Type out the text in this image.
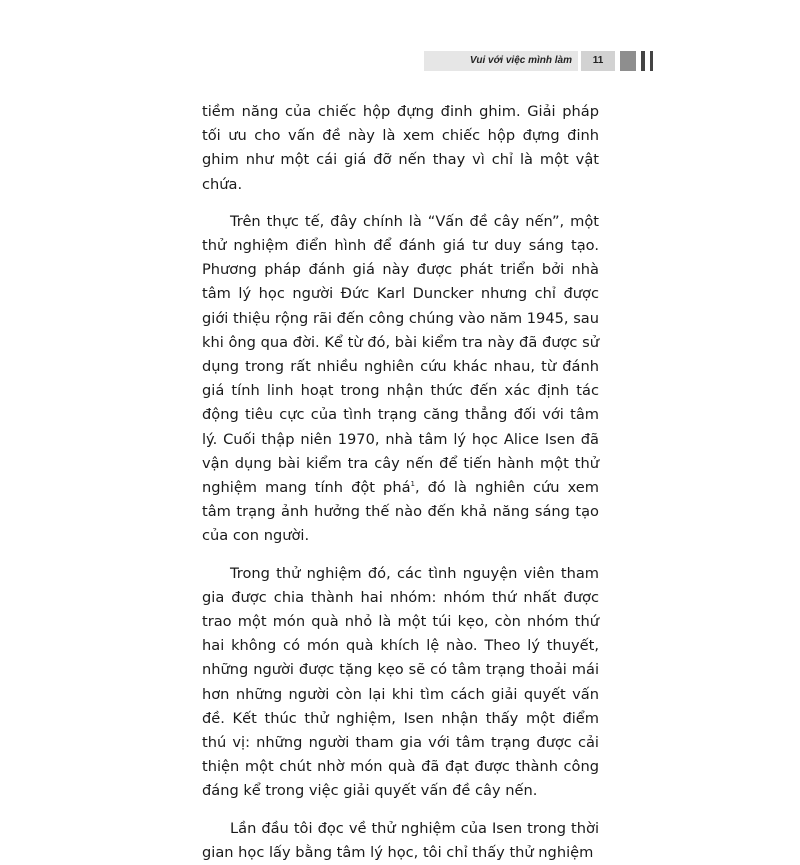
Vui với việc mình làm	11

tiềm năng của chiếc hộp đựng đinh ghim. Giải pháp tối ưu cho vấn đề này là xem chiếc hộp đựng đinh ghim như một cái giá đỡ nến thay vì chỉ là một vật chứa.

Trên thực tế, đây chính là “Vấn đề cây nến”, một thử nghiệm điển hình để đánh giá tư duy sáng tạo. Phương pháp đánh giá này được phát triển bởi nhà tâm lý học người Đức Karl Duncker nhưng chỉ được giới thiệu rộng rãi đến công chúng vào năm 1945, sau khi ông qua đời. Kể từ đó, bài kiểm tra này đã được sử dụng trong rất nhiều nghiên cứu khác nhau, từ đánh giá tính linh hoạt trong nhận thức đến xác định tác động tiêu cực của tình trạng căng thẳng đối với tâm lý. Cuối thập niên 1970, nhà tâm lý học Alice Isen đã vận dụng bài kiểm tra cây nến để tiến hành một thử nghiệm mang tính đột phá$^1$, đó là nghiên cứu xem tâm trạng ảnh hưởng thế nào đến khả năng sáng tạo của con người.

Trong thử nghiệm đó, các tình nguyện viên tham gia được chia thành hai nhóm: nhóm thứ nhất được trao một món quà nhỏ là một túi kẹo, còn nhóm thứ hai không có món quà khích lệ nào. Theo lý thuyết, những người được tặng kẹo sẽ có tâm trạng thoải mái hơn những người còn lại khi tìm cách giải quyết vấn đề. Kết thúc thử nghiệm, Isen nhận thấy một điểm thú vị: những người tham gia với tâm trạng được cải thiện một chút nhờ món quà đã đạt được thành công đáng kể trong việc giải quyết vấn đề cây nến.

Lần đầu tôi đọc về thử nghiệm của Isen trong thời gian học lấy bằng tâm lý học, tôi chỉ thấy thử nghiệm
